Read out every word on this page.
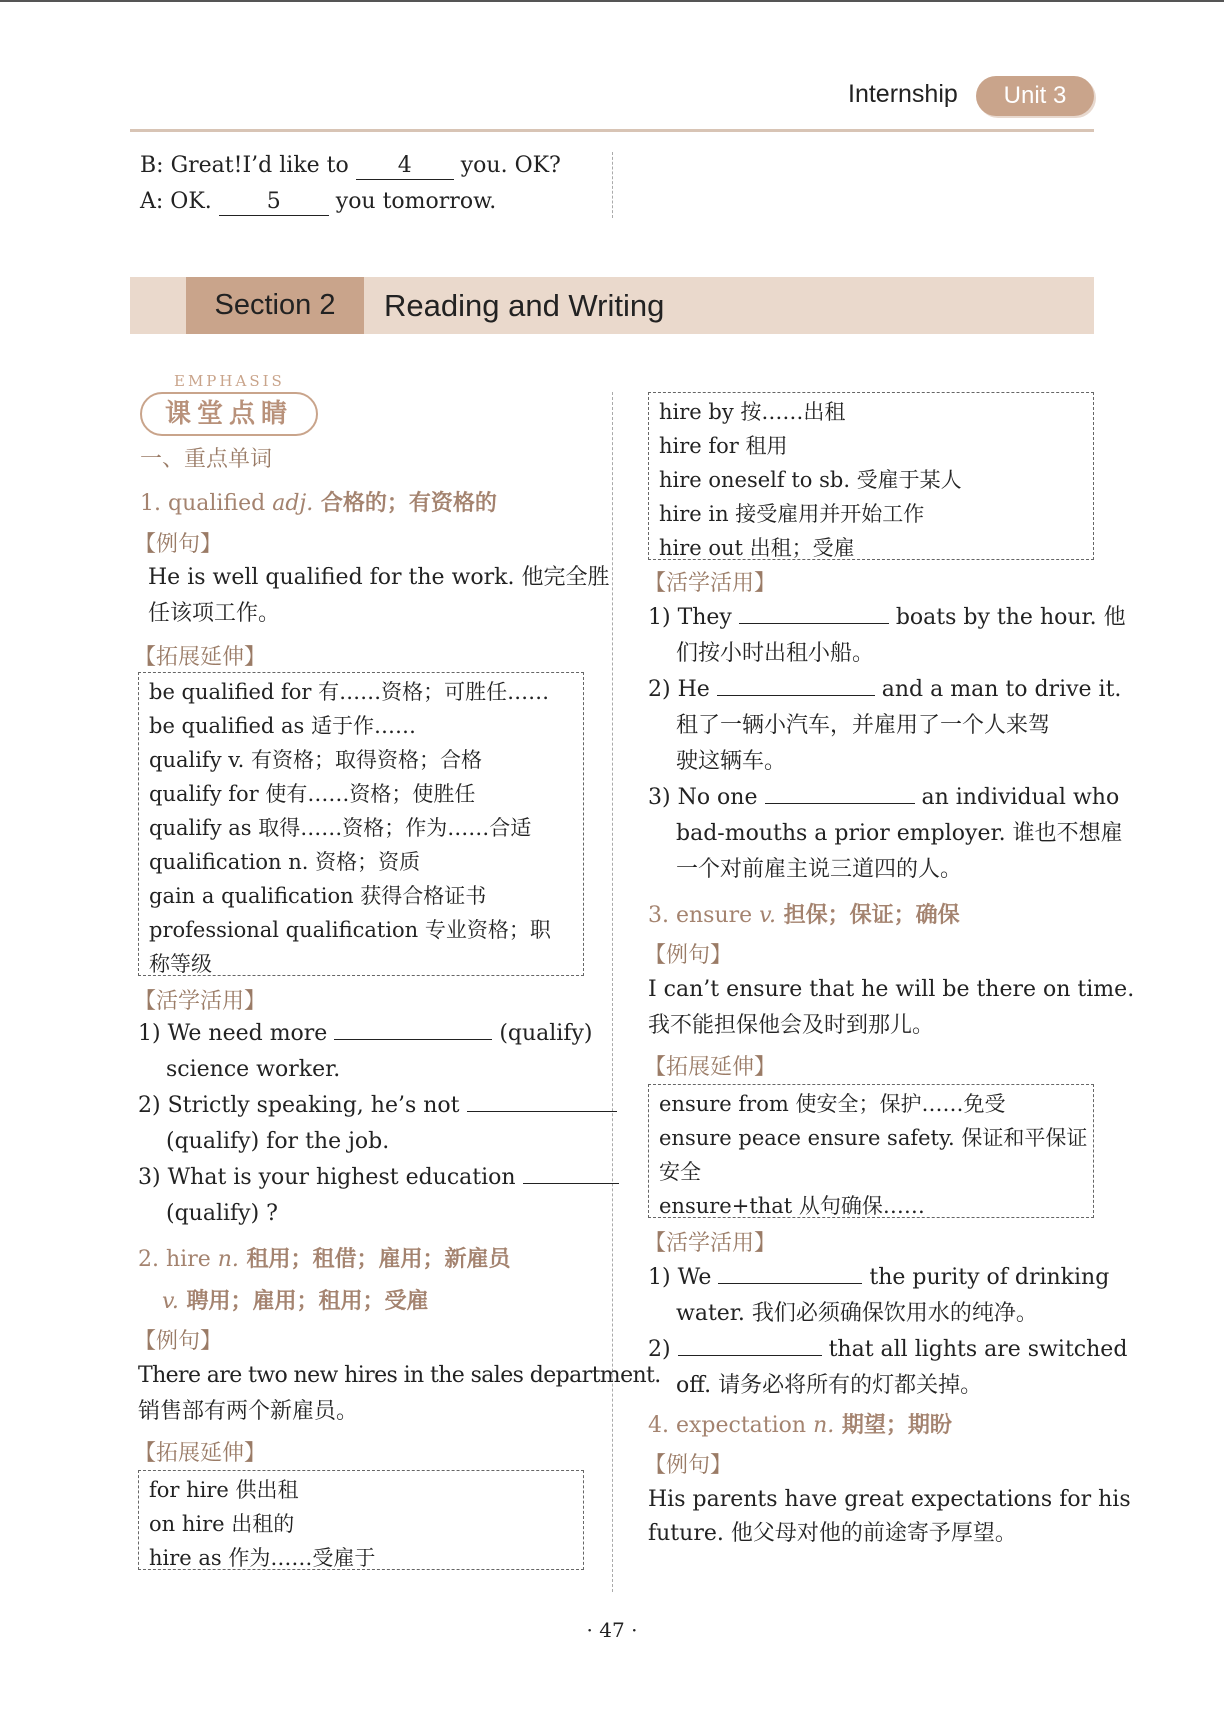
Internship	Unit 3
B: Great!I’d like to 4 you. OK?
A: OK. 5 you tomorrow.
Section 2	Reading and Writing
EMPHASIS
课堂点睛
一、重点单词
1. qualified adj. 合格的；有资格的
【例句】
He is well qualified for the work. 他完全胜
任该项工作。
【拓展延伸】
be qualified for 有……资格；可胜任……
be qualified as 适于作……
qualify v. 有资格；取得资格；合格
qualify for 使有……资格；使胜任
qualify as 取得……资格；作为……合适
qualification n. 资格；资质
gain a qualification 获得合格证书
professional qualification 专业资格；职
称等级
【活学活用】
1) We need more	(qualify)
science worker.
2) Strictly speaking, he’s not
(qualify) for the job.
3) What is your highest education
(qualify) ?
2. hire n. 租用；租借；雇用；新雇员
v. 聘用；雇用；租用；受雇
【例句】
There are two new hires in the sales department.
销售部有两个新雇员。
【拓展延伸】
for hire 供出租
on hire 出租的
hire as 作为……受雇于
hire by 按……出租
hire for 租用
hire oneself to sb. 受雇于某人
hire in 接受雇用并开始工作
hire out 出租；受雇
【活学活用】
1) They	boats by the hour. 他
们按小时出租小船。
2) He	and a man to drive it.
租了一辆小汽车，并雇用了一个人来驾
驶这辆车。
3) No one	an individual who
bad-mouths a prior employer. 谁也不想雇
一个对前雇主说三道四的人。
3. ensure v. 担保；保证；确保
【例句】
I can’t ensure that he will be there on time.
我不能担保他会及时到那儿。
【拓展延伸】
ensure from 使安全；保护……免受
ensure peace ensure safety. 保证和平保证
安全
ensure+that 从句确保……
【活学活用】
1) We	the purity of drinking
water. 我们必须确保饮用水的纯净。
2)	that all lights are switched
off. 请务必将所有的灯都关掉。
4. expectation n. 期望；期盼
【例句】
His parents have great expectations for his
future. 他父母对他的前途寄予厚望。
· 47 ·
